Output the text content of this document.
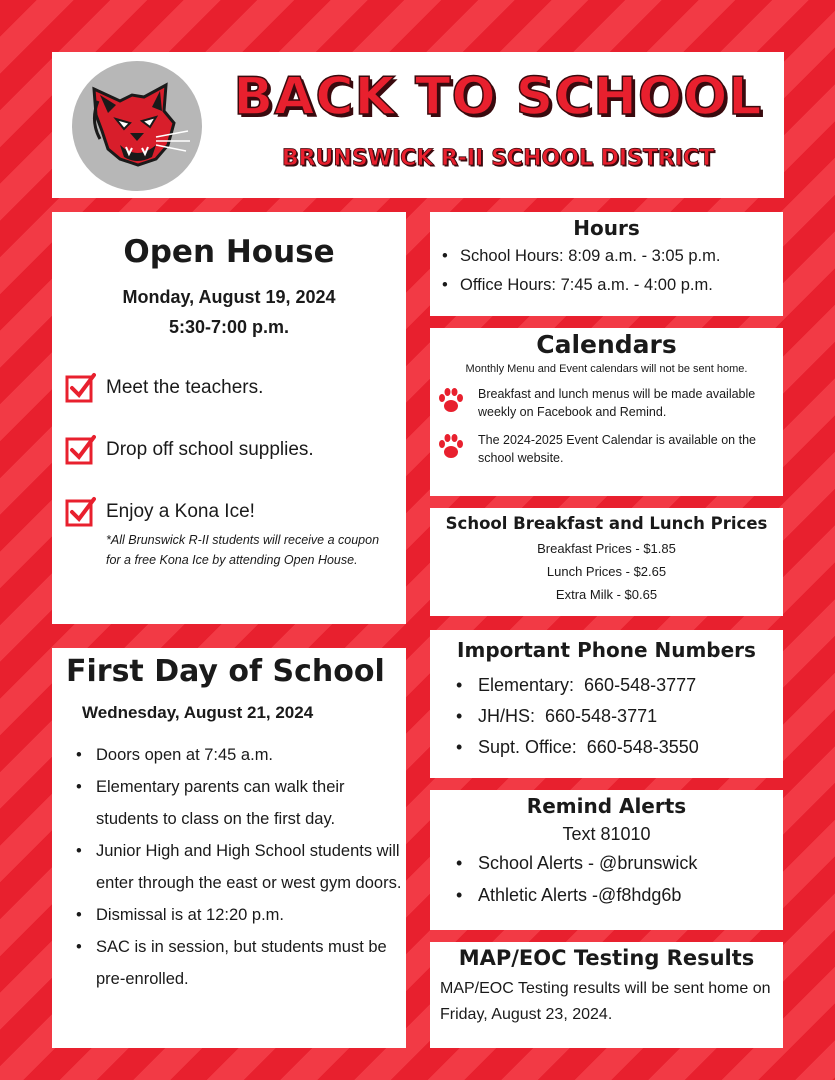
BACK TO SCHOOL
BRUNSWICK R-II SCHOOL DISTRICT
Open House
Monday, August 19, 2024
5:30-7:00 p.m.
Meet the teachers.
Drop off school supplies.
Enjoy a Kona Ice!
*All Brunswick R-II students will receive a coupon for a free Kona Ice by attending Open House.
First Day of School
Wednesday, August 21, 2024
• Doors open at 7:45 a.m.
• Elementary parents can walk their students to class on the first day.
• Junior High and High School students will enter through the east or west gym doors.
• Dismissal is at 12:20 p.m.
• SAC is in session, but students must be pre-enrolled.
Hours
• School Hours: 8:09 a.m. - 3:05 p.m.
• Office Hours: 7:45 a.m. - 4:00 p.m.
Calendars
Monthly Menu and Event calendars will not be sent home.
Breakfast and lunch menus will be made available weekly on Facebook and Remind.
The 2024-2025 Event Calendar is available on the school website.
School Breakfast and Lunch Prices
Breakfast Prices - $1.85
Lunch Prices - $2.65
Extra Milk - $0.65
Important Phone Numbers
• Elementary:  660-548-3777
• JH/HS:  660-548-3771
• Supt. Office:  660-548-3550
Remind Alerts
Text 81010
• School Alerts - @brunswick
• Athletic Alerts -@f8hdg6b
MAP/EOC Testing Results
MAP/EOC Testing results will be sent home on Friday, August 23, 2024.
